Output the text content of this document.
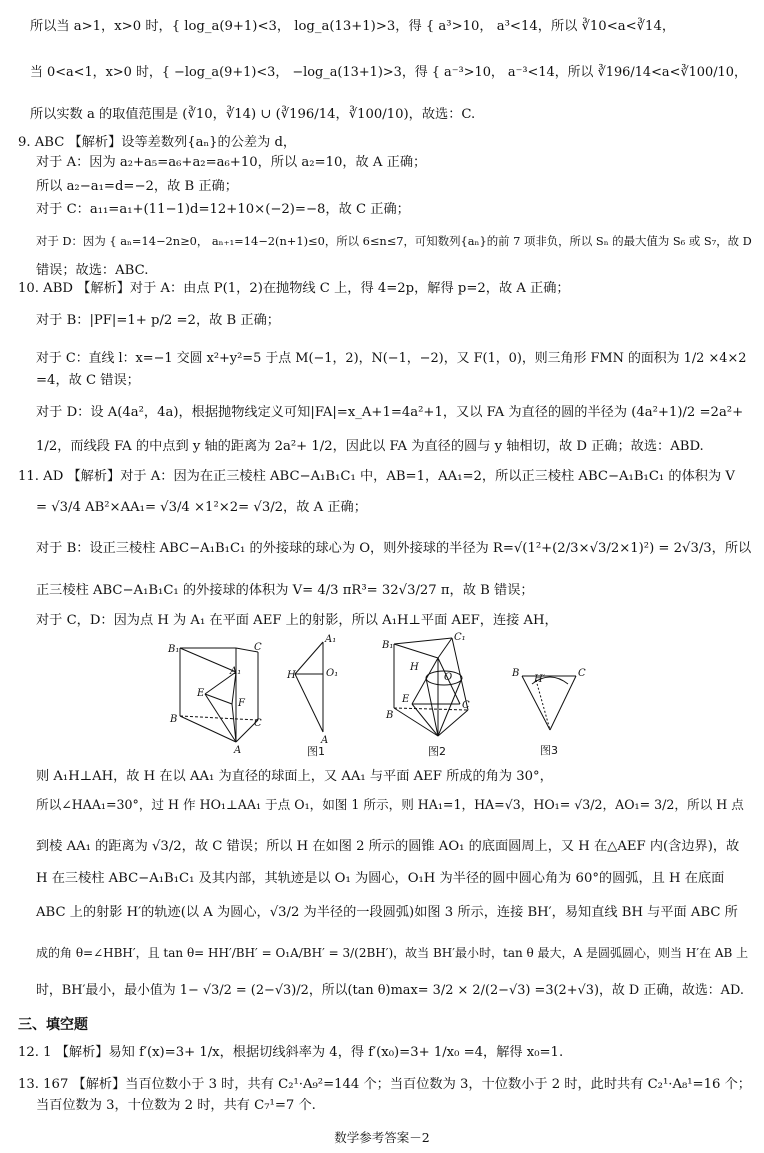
所以当 a>1，x>0 时，{ log_a(9+1)<3， log_a(13+1)>3，得 { a³>10， a³<14，所以 ∛10<a<∛14，
当 0<a<1，x>0 时，{ −log_a(9+1)<3， −log_a(13+1)>3，得 { a⁻³>10， a⁻³<14，所以 ∛196/14<a<∛100/10，
所以实数 a 的取值范围是 (∛10，∛14) ∪ (∛196/14，∛100/10)，故选：C.
9. ABC 【解析】设等差数列{aₙ}的公差为 d，
对于 A：因为 a₂+a₅=a₆+a₂=a₆+10，所以 a₂=10，故 A 正确；
所以 a₂−a₁=d=−2，故 B 正确；
对于 C：a₁₁=a₁+(11−1)d=12+10×(−2)=−8，故 C 正确；
对于 D：因为 { aₙ=14−2n≥0， aₙ₊₁=14−2(n+1)≤0，所以 6≤n≤7，可知数列{aₙ}的前 7 项非负，所以 Sₙ 的最大值为 S₆ 或 S₇，故 D
错误；故选：ABC.
10. ABD 【解析】对于 A：由点 P(1，2)在抛物线 C 上，得 4=2p，解得 p=2，故 A 正确；
对于 B：|PF|=1+ p/2 =2，故 B 正确；
对于 C：直线 l：x=−1 交圆 x²+y²=5 于点 M(−1，2)，N(−1，−2)，又 F(1，0)，则三角形 FMN 的面积为 1/2 ×4×2
=4，故 C 错误；
对于 D：设 A(4a²，4a)，根据抛物线定义可知|FA|=x_A+1=4a²+1，又以 FA 为直径的圆的半径为 (4a²+1)/2 =2a²+
1/2，而线段 FA 的中点到 y 轴的距离为 2a²+ 1/2，因此以 FA 为直径的圆与 y 轴相切，故 D 正确；故选：ABD.
11. AD 【解析】对于 A：因为在正三棱柱 ABC−A₁B₁C₁ 中，AB=1，AA₁=2，所以正三棱柱 ABC−A₁B₁C₁ 的体积为 V
= √3/4 AB²×AA₁= √3/4 ×1²×2= √3/2，故 A 正确；
对于 B：设正三棱柱 ABC−A₁B₁C₁ 的外接球的球心为 O，则外接球的半径为 R=√(1²+(2/3×√3/2×1)²) = 2√3/3，所以
正三棱柱 ABC−A₁B₁C₁ 的外接球的体积为 V= 4/3 πR³= 32√3/27 π，故 B 错误；
对于 C，D：因为点 H 为 A₁ 在平面 AEF 上的射影，所以 A₁H⊥平面 AEF，连接 AH，
B₁	C
A₁
E
F
B	C
A
A₁
H	O₁
A
图1
B₁
C₁
H
O
E
C
B
图2
B
H′
C
图3
则 A₁H⊥AH，故 H 在以 AA₁ 为直径的球面上，又 AA₁ 与平面 AEF 所成的角为 30°，
所以∠HAA₁=30°，过 H 作 HO₁⊥AA₁ 于点 O₁，如图 1 所示，则 HA₁=1，HA=√3，HO₁= √3/2，AO₁= 3/2，所以 H 点
到棱 AA₁ 的距离为 √3/2，故 C 错误；所以 H 在如图 2 所示的圆锥 AO₁ 的底面圆周上，又 H 在△AEF 内(含边界)，故
H 在三棱柱 ABC−A₁B₁C₁ 及其内部，其轨迹是以 O₁ 为圆心，O₁H 为半径的圆中圆心角为 60°的圆弧，且 H 在底面
ABC 上的射影 H′的轨迹(以 A 为圆心，√3/2 为半径的一段圆弧)如图 3 所示，连接 BH′，易知直线 BH 与平面 ABC 所
成的角 θ=∠HBH′，且 tan θ= HH′/BH′ = O₁A/BH′ = 3/(2BH′)，故当 BH′最小时，tan θ 最大，A 是圆弧圆心，则当 H′在 AB 上
时，BH′最小，最小值为 1− √3/2 = (2−√3)/2，所以(tan θ)max= 3/2 × 2/(2−√3) =3(2+√3)，故 D 正确，故选：AD.
三、填空题
12. 1 【解析】易知 f′(x)=3+ 1/x，根据切线斜率为 4，得 f′(x₀)=3+ 1/x₀ =4，解得 x₀=1.
13. 167 【解析】当百位数小于 3 时，共有 C₂¹·A₉²=144 个；当百位数为 3，十位数小于 2 时，此时共有 C₂¹·A₈¹=16 个；
当百位数为 3，十位数为 2 时，共有 C₇¹=7 个.
数学参考答案－2
